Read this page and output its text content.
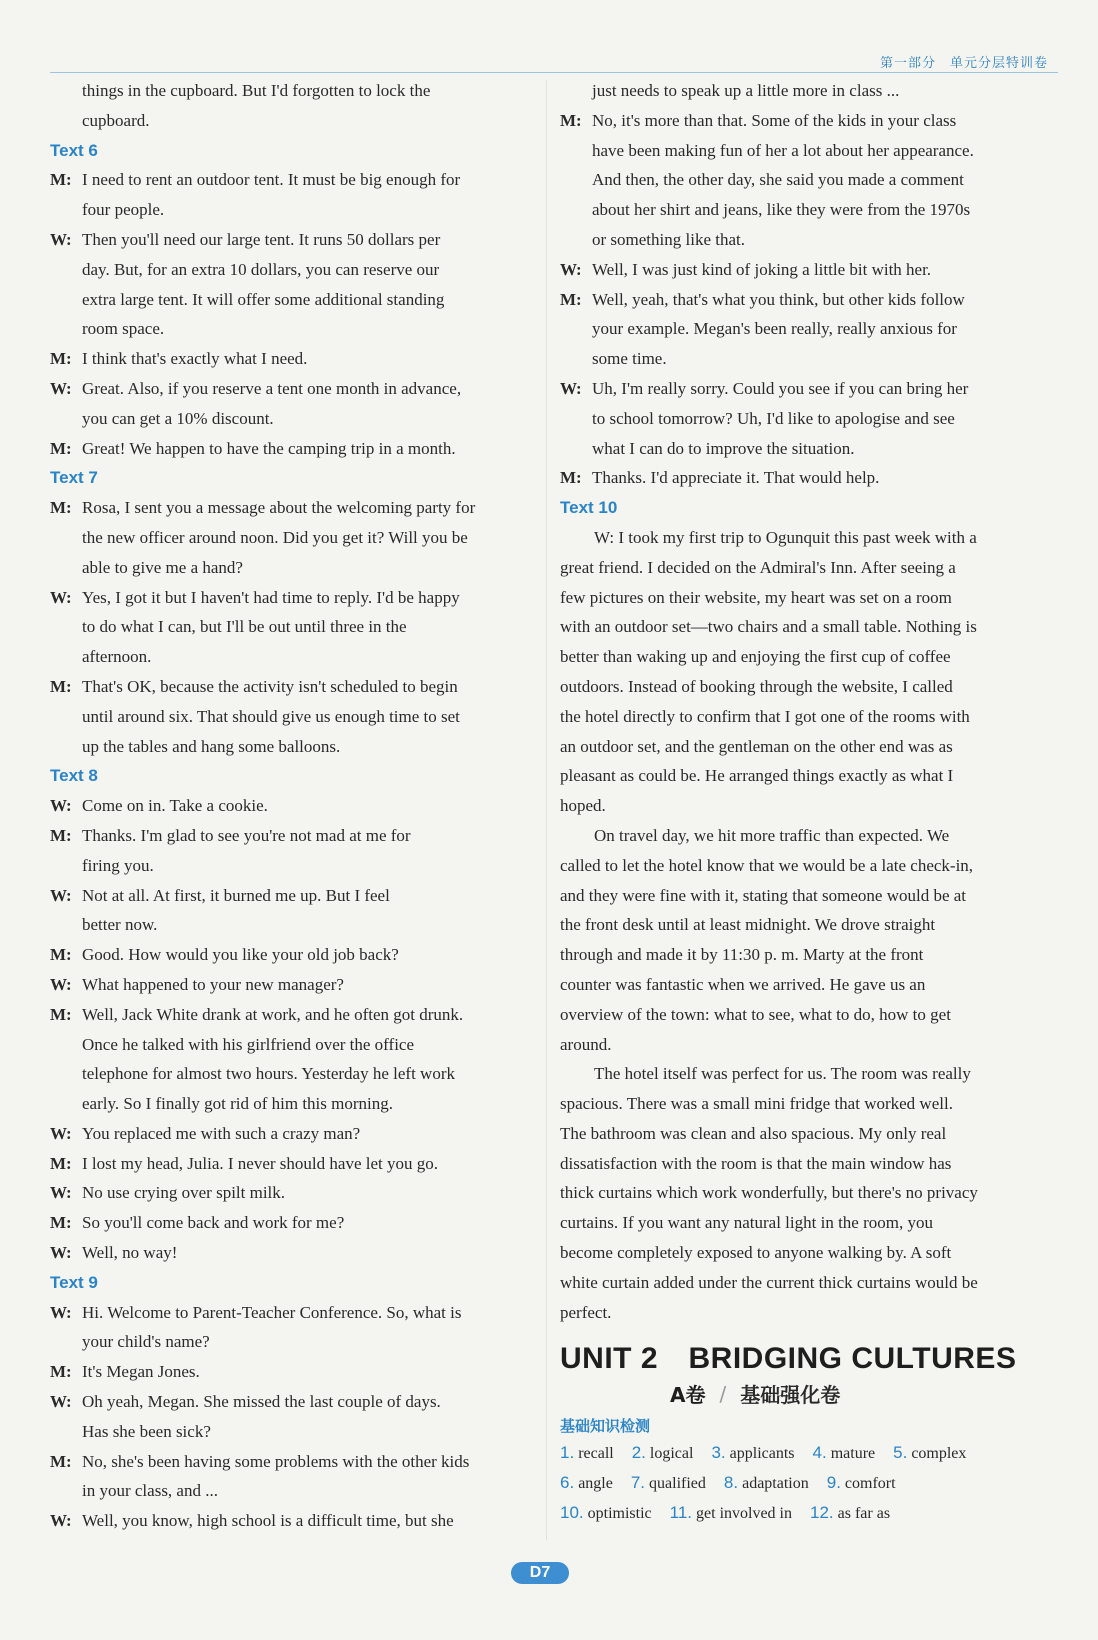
第一部分　单元分层特训卷
things in the cupboard. But I'd forgotten to lock the
cupboard.
Text 6
M: I need to rent an outdoor tent. It must be big enough for
four people.
W: Then you'll need our large tent. It runs 50 dollars per
day. But, for an extra 10 dollars, you can reserve our
extra large tent. It will offer some additional standing
room space.
M: I think that's exactly what I need.
W: Great. Also, if you reserve a tent one month in advance,
you can get a 10% discount.
M: Great! We happen to have the camping trip in a month.
Text 7
M: Rosa, I sent you a message about the welcoming party for
the new officer around noon. Did you get it? Will you be
able to give me a hand?
W: Yes, I got it but I haven't had time to reply. I'd be happy
to do what I can, but I'll be out until three in the
afternoon.
M: That's OK, because the activity isn't scheduled to begin
until around six. That should give us enough time to set
up the tables and hang some balloons.
Text 8
W: Come on in. Take a cookie.
M: Thanks. I'm glad to see you're not mad at me for
firing you.
W: Not at all. At first, it burned me up. But I feel
better now.
M: Good. How would you like your old job back?
W: What happened to your new manager?
M: Well, Jack White drank at work, and he often got drunk.
Once he talked with his girlfriend over the office
telephone for almost two hours. Yesterday he left work
early. So I finally got rid of him this morning.
W: You replaced me with such a crazy man?
M: I lost my head, Julia. I never should have let you go.
W: No use crying over spilt milk.
M: So you'll come back and work for me?
W: Well, no way!
Text 9
W: Hi. Welcome to Parent-Teacher Conference. So, what is
your child's name?
M: It's Megan Jones.
W: Oh yeah, Megan. She missed the last couple of days.
Has she been sick?
M: No, she's been having some problems with the other kids
in your class, and ...
W: Well, you know, high school is a difficult time, but she
just needs to speak up a little more in class ...
M: No, it's more than that. Some of the kids in your class
have been making fun of her a lot about her appearance.
And then, the other day, she said you made a comment
about her shirt and jeans, like they were from the 1970s
or something like that.
W: Well, I was just kind of joking a little bit with her.
M: Well, yeah, that's what you think, but other kids follow
your example. Megan's been really, really anxious for
some time.
W: Uh, I'm really sorry. Could you see if you can bring her
to school tomorrow? Uh, I'd like to apologise and see
what I can do to improve the situation.
M: Thanks. I'd appreciate it. That would help.
Text 10
W: I took my first trip to Ogunquit this past week with a
great friend. I decided on the Admiral's Inn. After seeing a
few pictures on their website, my heart was set on a room
with an outdoor set—two chairs and a small table. Nothing is
better than waking up and enjoying the first cup of coffee
outdoors. Instead of booking through the website, I called
the hotel directly to confirm that I got one of the rooms with
an outdoor set, and the gentleman on the other end was as
pleasant as could be. He arranged things exactly as what I
hoped.
On travel day, we hit more traffic than expected. We
called to let the hotel know that we would be a late check-in,
and they were fine with it, stating that someone would be at
the front desk until at least midnight. We drove straight
through and made it by 11:30 p. m. Marty at the front
counter was fantastic when we arrived. He gave us an
overview of the town: what to see, what to do, how to get
around.
The hotel itself was perfect for us. The room was really
spacious. There was a small mini fridge that worked well.
The bathroom was clean and also spacious. My only real
dissatisfaction with the room is that the main window has
thick curtains which work wonderfully, but there's no privacy
curtains. If you want any natural light in the room, you
become completely exposed to anyone walking by. A soft
white curtain added under the current thick curtains would be
perfect.
UNIT 2　BRIDGING CULTURES
A卷 / 基础强化卷
基础知识检测
1. recall 2. logical 3. applicants 4. mature 5. complex
6. angle 7. qualified 8. adaptation 9. comfort
10. optimistic 11. get involved in 12. as far as
D7
